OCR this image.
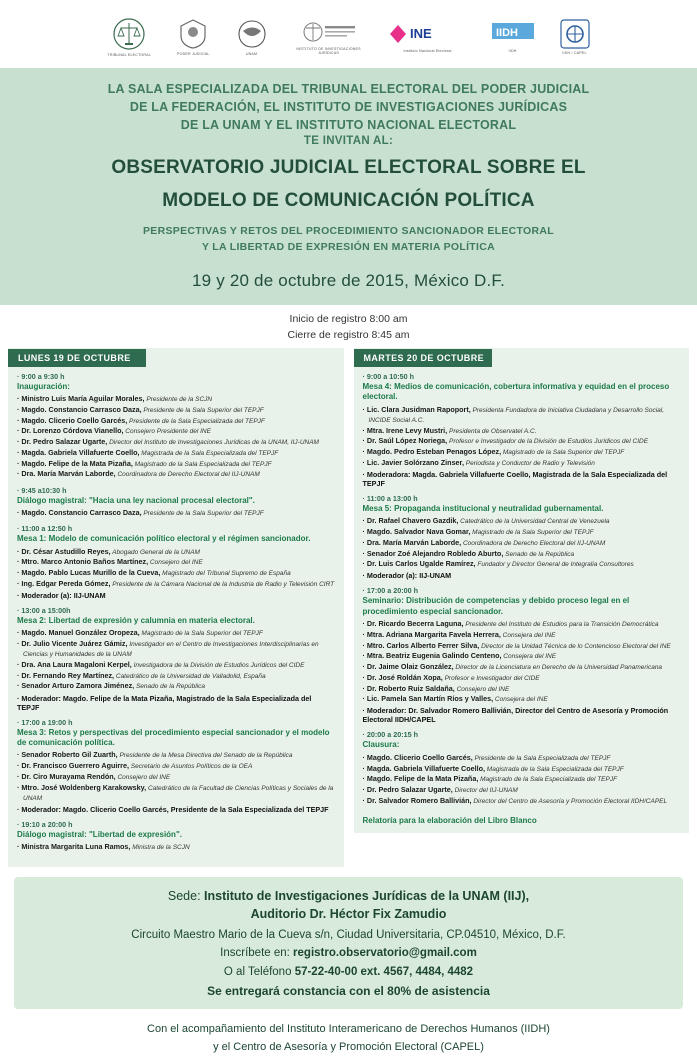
TRIBUNAL ELECTORAL	PODER JUDICIAL	UNAM
INSTITUTO DE INVESTIGACIONES JURÍDICAS
INE
Instituto Nacional Electoral
IIDH
IIDH	IIDH / CAPEL
LA SALA ESPECIALIZADA DEL TRIBUNAL ELECTORAL DEL PODER JUDICIAL
DE LA FEDERACIÓN, EL INSTITUTO DE INVESTIGACIONES JURÍDICAS
DE LA UNAM Y EL INSTITUTO NACIONAL ELECTORAL
TE INVITAN AL:
OBSERVATORIO JUDICIAL ELECTORAL SOBRE EL
MODELO DE COMUNICACIÓN POLÍTICA
PERSPECTIVAS Y RETOS DEL PROCEDIMIENTO SANCIONADOR ELECTORAL
Y LA LIBERTAD DE EXPRESIÓN EN MATERIA POLÍTICA
19 y 20 de octubre de 2015, México D.F.
Inicio de registro 8:00 am
Cierre de registro 8:45 am
LUNES 19 DE OCTUBRE
· 9:00 a 9:30 h
Inauguración:
· Ministro Luis María Aguilar Morales, Presidente de la SCJN
· Magdo. Constancio Carrasco Daza, Presidente de la Sala Superior del TEPJF
· Magdo. Clicerio Coello Garcés, Presidente de la Sala Especializada del TEPJF
· Dr. Lorenzo Córdova Vianello, Consejero Presidente del INE
· Dr. Pedro Salazar Ugarte, Director del Instituto de Investigaciones Jurídicas de la UNAM, IIJ-UNAM
· Magda. Gabriela Villafuerte Coello, Magistrada de la Sala Especializada del TEPJF
· Magdo. Felipe de la Mata Pizaña, Magistrado de la Sala Especializada del TEPJF
· Dra. María Marván Laborde, Coordinadora de Derecho Electoral del IIJ-UNAM
· 9:45 a10:30 h
Diálogo magistral: "Hacia una ley nacional procesal electoral".
· Magdo. Constancio Carrasco Daza, Presidente de la Sala Superior del TEPJF
· 11:00 a 12:50 h
Mesa 1: Modelo de comunicación político electoral y el régimen sancionador.
· Dr. César Astudillo Reyes, Abogado General de la UNAM
· Mtro. Marco Antonio Baños Martínez, Consejero del INE
· Magdo. Pablo Lucas Murillo de la Cueva, Magistrado del Tribunal Supremo de España
· Ing. Edgar Pereda Gómez, Presidente de la Cámara Nacional de la Industria de Radio y Televisión CIRT
· Moderador (a): IIJ-UNAM
· 13:00 a 15:00h
Mesa 2: Libertad de expresión y calumnia en materia electoral.
· Magdo. Manuel González Oropeza, Magistrado de la Sala Superior del TEPJF
· Dr. Julio Vicente Juárez Gámiz, Investigador en el Centro de Investigaciones Interdisciplinarias en Ciencias y Humanidades de la UNAM
· Dra. Ana Laura Magaloni Kerpel, Investigadora de la División de Estudios Jurídicos del CIDE
· Dr. Fernando Rey Martínez, Catedrático de la Universidad de Valladolid, España
· Senador Arturo Zamora Jiménez, Senado de la República
· Moderador: Magdo. Felipe de la Mata Pizaña, Magistrado de la Sala Especializada del TEPJF
· 17:00 a 19:00 h
Mesa 3: Retos y perspectivas del procedimiento especial sancionador y el modelo de comunicación política.
· Senador Roberto Gil Zuarth, Presidente de la Mesa Directiva del Senado de la República
· Dr. Francisco Guerrero Aguirre, Secretario de Asuntos Políticos de la OEA
· Dr. Ciro Murayama Rendón, Consejero del INE
· Mtro. José Woldenberg Karakowsky, Catedrático de la Facultad de Ciencias Políticas y Sociales de la UNAM
· Moderador: Magdo. Clicerio Coello Garcés, Presidente de la Sala Especializada del TEPJF
· 19:10 a 20:00 h
Diálogo magistral: "Libertad de expresión".
· Ministra Margarita Luna Ramos, Ministra de la SCJN
MARTES 20 DE OCTUBRE
· 9:00 a 10:50 h
Mesa 4: Medios de comunicación, cobertura informativa y equidad en el proceso electoral.
· Lic. Clara Jusidman Rapoport, Presidenta Fundadora de Iniciativa Ciudadana y Desarrollo Social, INCIDE Social A.C.
· Mtra. Irene Levy Mustri, Presidenta de Observatel A.C.
· Dr. Saúl López Noriega, Profesor e Investigador de la División de Estudios Jurídicos del CIDE
· Magdo. Pedro Esteban Penagos López, Magistrado de la Sala Superior del TEPJF
· Lic. Javier Solórzano Zinser, Periodista y Conductor de Radio y Televisión
· Moderadora: Magda. Gabriela Villafuerte Coello, Magistrada de la Sala Especializada del TEPJF
· 11:00 a 13:00 h
Mesa 5: Propaganda institucional y neutralidad gubernamental.
· Dr. Rafael Chavero Gazdik, Catedrático de la Universidad Central de Venezuela
· Magdo. Salvador Nava Gomar, Magistrado de la Sala Superior del TEPJF
· Dra. María Marván Laborde, Coordinadora de Derecho Electoral del IIJ-UNAM
· Senador Zoé Alejandro Robledo Aburto, Senado de la República
· Dr. Luis Carlos Ugalde Ramírez, Fundador y Director General de Integralia Consultores
· Moderador (a): IIJ-UNAM
· 17:00 a 20:00 h
Seminario: Distribución de competencias y debido proceso legal en el procedimiento especial sancionador.
· Dr. Ricardo Becerra Laguna, Presidente del Instituto de Estudios para la Transición Democrática
· Mtra. Adriana Margarita Favela Herrera, Consejera del INE
· Mtro. Carlos Alberto Ferrer Silva, Director de la Unidad Técnica de lo Contencioso Electoral del INE
· Mtra. Beatriz Eugenia Galindo Centeno, Consejera del INE
· Dr. Jaime Olaiz González, Director de la Licenciatura en Derecho de la Universidad Panamericana
· Dr. José Roldán Xopa, Profesor e Investigador del CIDE
· Dr. Roberto Ruiz Saldaña, Consejero del INE
· Lic. Pamela San Martín Ríos y Valles, Consejera del INE
· Moderador: Dr. Salvador Romero Ballivián, Director del Centro de Asesoría y Promoción Electoral IIDH/CAPEL
· 20:00 a 20:15 h
Clausura:
· Magdo. Clicerio Coello Garcés, Presidente de la Sala Especializada del TEPJF
· Magda. Gabriela Villafuerte Coello, Magistrada de la Sala Especializada del TEPJF
· Magdo. Felipe de la Mata Pizaña, Magistrado de la Sala Especializada del TEPJF
· Dr. Pedro Salazar Ugarte, Director del IIJ-UNAM
· Dr. Salvador Romero Ballivián, Director del Centro de Asesoría y Promoción Electoral IIDH/CAPEL
Relatoría para la elaboración del Libro Blanco
Sede: Instituto de Investigaciones Jurídicas de la UNAM (IIJ),
Auditorio Dr. Héctor Fix Zamudio
Circuito Maestro Mario de la Cueva s/n, Ciudad Universitaria, CP.04510, México, D.F.
Inscríbete en: registro.observatorio@gmail.com
O al Teléfono 57-22-40-00 ext. 4567, 4484, 4482
Se entregará constancia con el 80% de asistencia
Con el acompañamiento del Instituto Interamericano de Derechos Humanos (IIDH)
y el Centro de Asesoría y Promoción Electoral (CAPEL)
